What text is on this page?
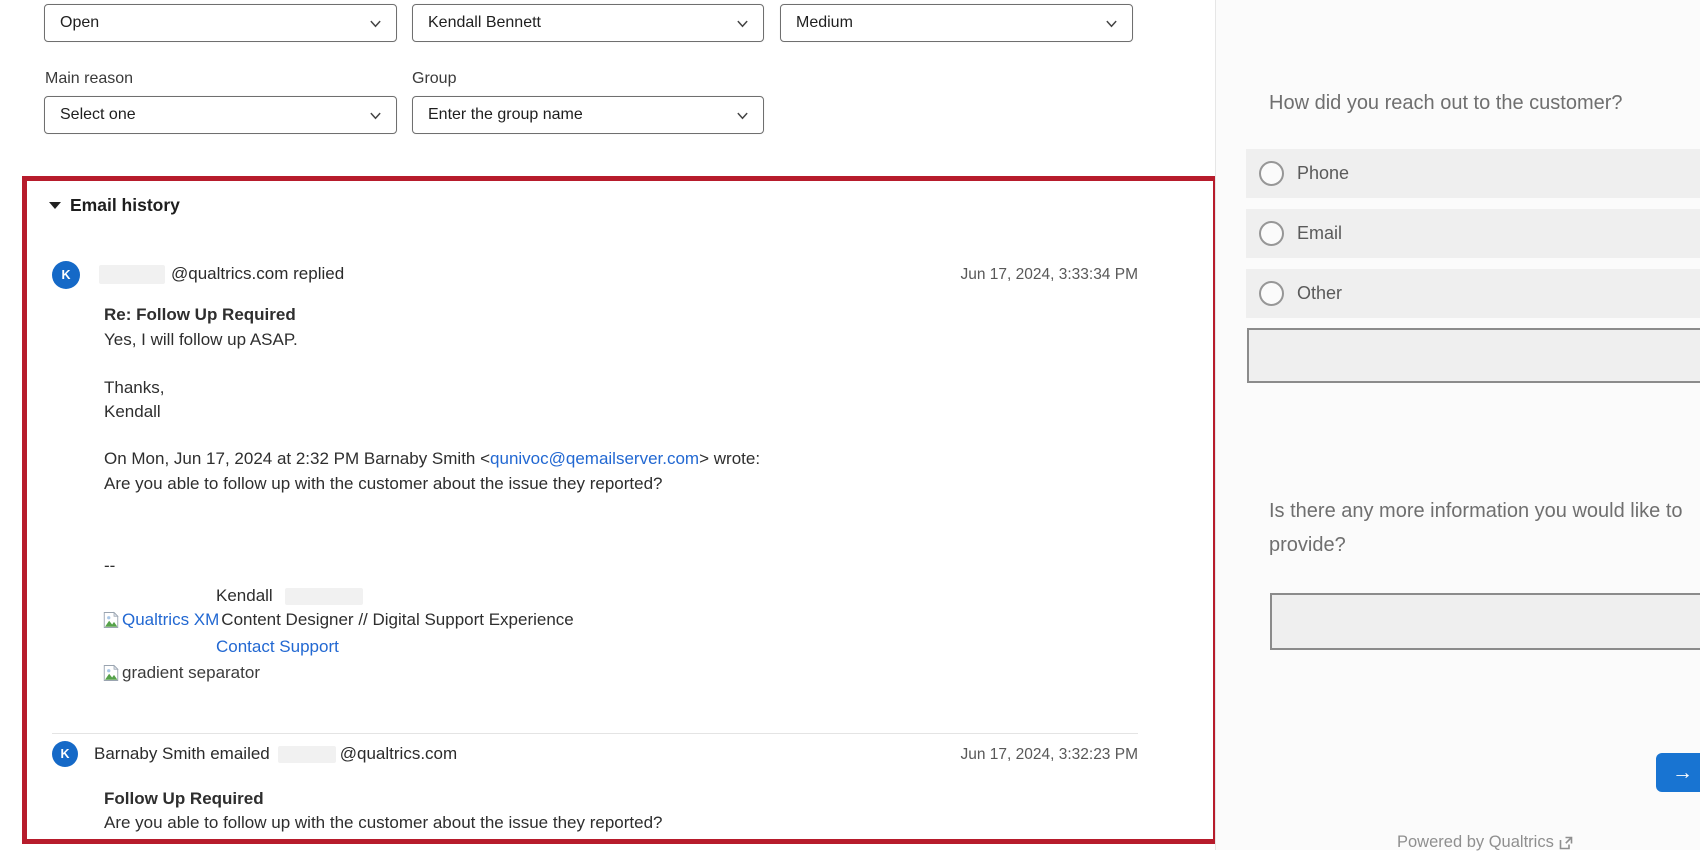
Open	Kendall Bennett	Medium
Main reason	Group
Select one	Enter the group name
Email history
K	@qualtrics.com replied	Jun 17, 2024, 3:33:34 PM
Re: Follow Up Required
Yes, I will follow up ASAP.
Thanks,
Kendall
On Mon, Jun 17, 2024 at 2:32 PM Barnaby Smith <qunivoc@qemailserver.com> wrote:
Are you able to follow up with the customer about the issue they reported?
--
Kendall
Qualtrics XM Content Designer // Digital Support Experience
Contact Support
gradient separator
K Barnaby Smith emailed	@qualtrics.com	Jun 17, 2024, 3:32:23 PM
Follow Up Required
Are you able to follow up with the customer about the issue they reported?
How did you reach out to the customer?
Phone
Email
Other
Is there any more information you would like to provide?
→
Powered by Qualtrics
